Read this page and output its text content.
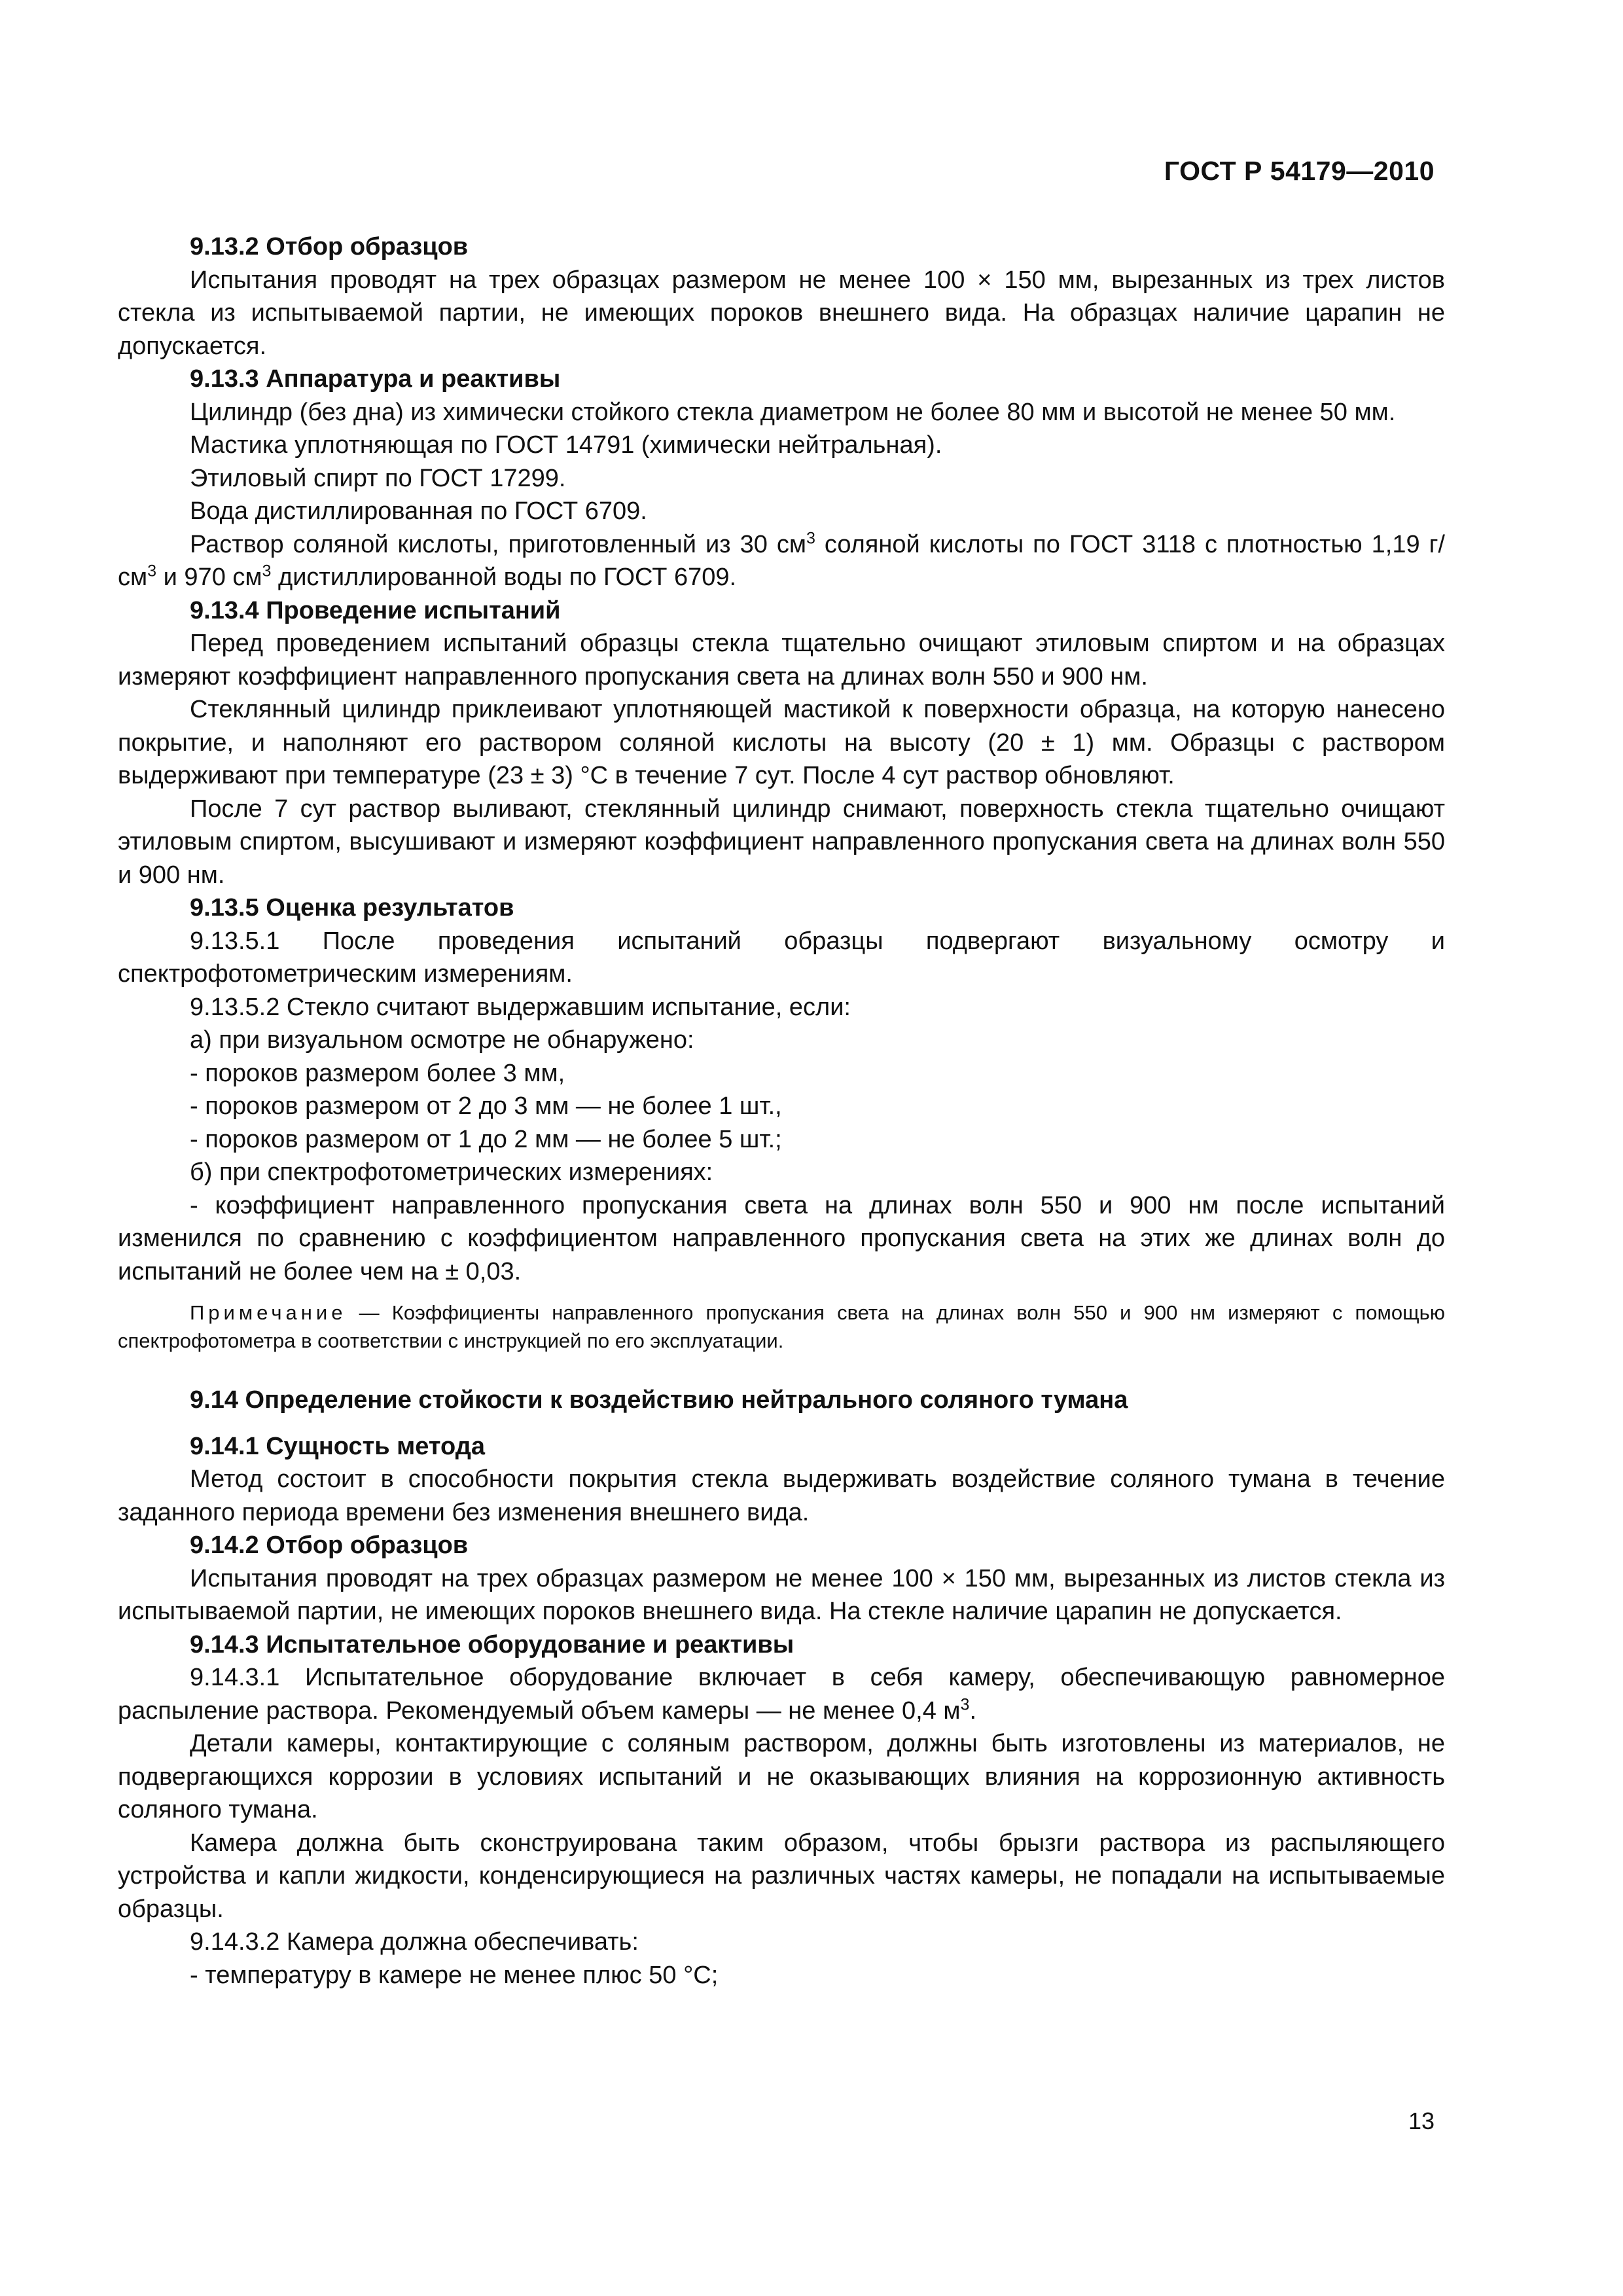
ГОСТ Р 54179—2010
9.13.2 Отбор образцов
Испытания проводят на трех образцах размером не менее 100 × 150 мм, вырезанных из трех листов стекла из испытываемой партии, не имеющих пороков внешнего вида. На образцах наличие царапин не допускается.
9.13.3 Аппаратура и реактивы
Цилиндр (без дна) из химически стойкого стекла диаметром не более 80 мм и высотой не менее 50 мм.
Мастика уплотняющая по ГОСТ 14791 (химически нейтральная).
Этиловый спирт по ГОСТ 17299.
Вода дистиллированная по ГОСТ 6709.
Раствор соляной кислоты, приготовленный из 30 $см^3$ соляной кислоты по ГОСТ 3118 с плотностью 1,19 $г/см^3$ и 970 $см^3$ дистиллированной воды по ГОСТ 6709.
9.13.4 Проведение испытаний
Перед проведением испытаний образцы стекла тщательно очищают этиловым спиртом и на образцах измеряют коэффициент направленного пропускания света на длинах волн 550 и 900 нм.
Стеклянный цилиндр приклеивают уплотняющей мастикой к поверхности образца, на которую нанесено покрытие, и наполняют его раствором соляной кислоты на высоту (20 ± 1) мм. Образцы с раствором выдерживают при температуре (23 ± 3) °С в течение 7 сут. После 4 сут раствор обновляют.
После 7 сут раствор выливают, стеклянный цилиндр снимают, поверхность стекла тщательно очищают этиловым спиртом, высушивают и измеряют коэффициент направленного пропускания света на длинах волн 550 и 900 нм.
9.13.5 Оценка результатов
9.13.5.1 После проведения испытаний образцы подвергают визуальному осмотру и спектрофотометрическим измерениям.
9.13.5.2 Стекло считают выдержавшим испытание, если:
а) при визуальном осмотре не обнаружено:
- пороков размером более 3 мм,
- пороков размером от 2 до 3 мм — не более 1 шт.,
- пороков размером от 1 до 2 мм — не более 5 шт.;
б) при спектрофотометрических измерениях:
- коэффициент направленного пропускания света на длинах волн 550 и 900 нм после испытаний изменился по сравнению с коэффициентом направленного пропускания света на этих же длинах волн до испытаний не более чем на ± 0,03.
Примечание — Коэффициенты направленного пропускания света на длинах волн 550 и 900 нм измеряют с помощью спектрофотометра в соответствии с инструкцией по его эксплуатации.
9.14 Определение стойкости к воздействию нейтрального соляного тумана
9.14.1 Сущность метода
Метод состоит в способности покрытия стекла выдерживать воздействие соляного тумана в течение заданного периода времени без изменения внешнего вида.
9.14.2 Отбор образцов
Испытания проводят на трех образцах размером не менее 100 × 150 мм, вырезанных из листов стекла из испытываемой партии, не имеющих пороков внешнего вида. На стекле наличие царапин не допускается.
9.14.3 Испытательное оборудование и реактивы
9.14.3.1 Испытательное оборудование включает в себя камеру, обеспечивающую равномерное распыление раствора. Рекомендуемый объем камеры — не менее 0,4 $м^3$.
Детали камеры, контактирующие с соляным раствором, должны быть изготовлены из материалов, не подвергающихся коррозии в условиях испытаний и не оказывающих влияния на коррозионную активность соляного тумана.
Камера должна быть сконструирована таким образом, чтобы брызги раствора из распыляющего устройства и капли жидкости, конденсирующиеся на различных частях камеры, не попадали на испытываемые образцы.
9.14.3.2 Камера должна обеспечивать:
- температуру в камере не менее плюс 50 °С;
13
